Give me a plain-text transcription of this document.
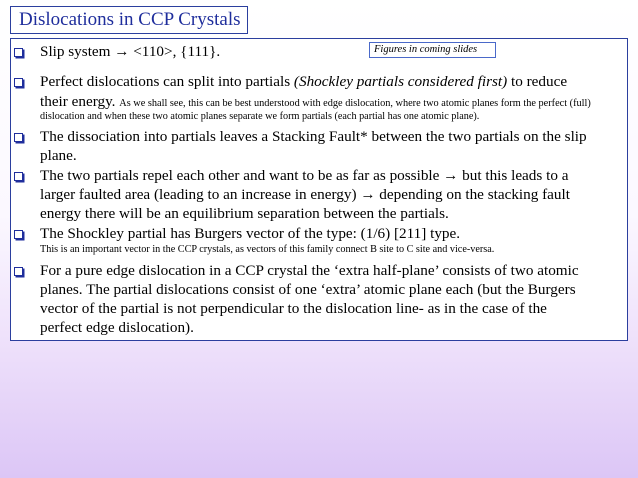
Dislocations in CCP Crystals
Figures in coming slides
Slip system → <110>, {111}.
Perfect dislocations can split into partials (Shockley partials considered first) to reduce
their energy. As we shall see, this can be best understood with edge dislocation, where two atomic planes form the perfect (full)
dislocation and when these two atomic planes separate we form partials (each partial has one atomic plane).
The dissociation into partials leaves a Stacking Fault* between the two partials on the slip
plane.
The two partials repel each other and want to be as far as possible → but this leads to a
larger faulted area (leading to an increase in energy) → depending on the stacking fault
energy there will be an equilibrium separation between the partials.
The Shockley partial has Burgers vector of the type: (1/6) [211] type.
This is an important vector in the CCP crystals, as vectors of this family connect B site to C site and vice-versa.
For a pure edge dislocation in a CCP crystal the ‘extra half-plane’ consists of two atomic
planes. The partial dislocations consist of one ‘extra’ atomic plane each (but the Burgers
vector of the partial is not perpendicular to the dislocation line- as in the case of the
perfect edge dislocation).
